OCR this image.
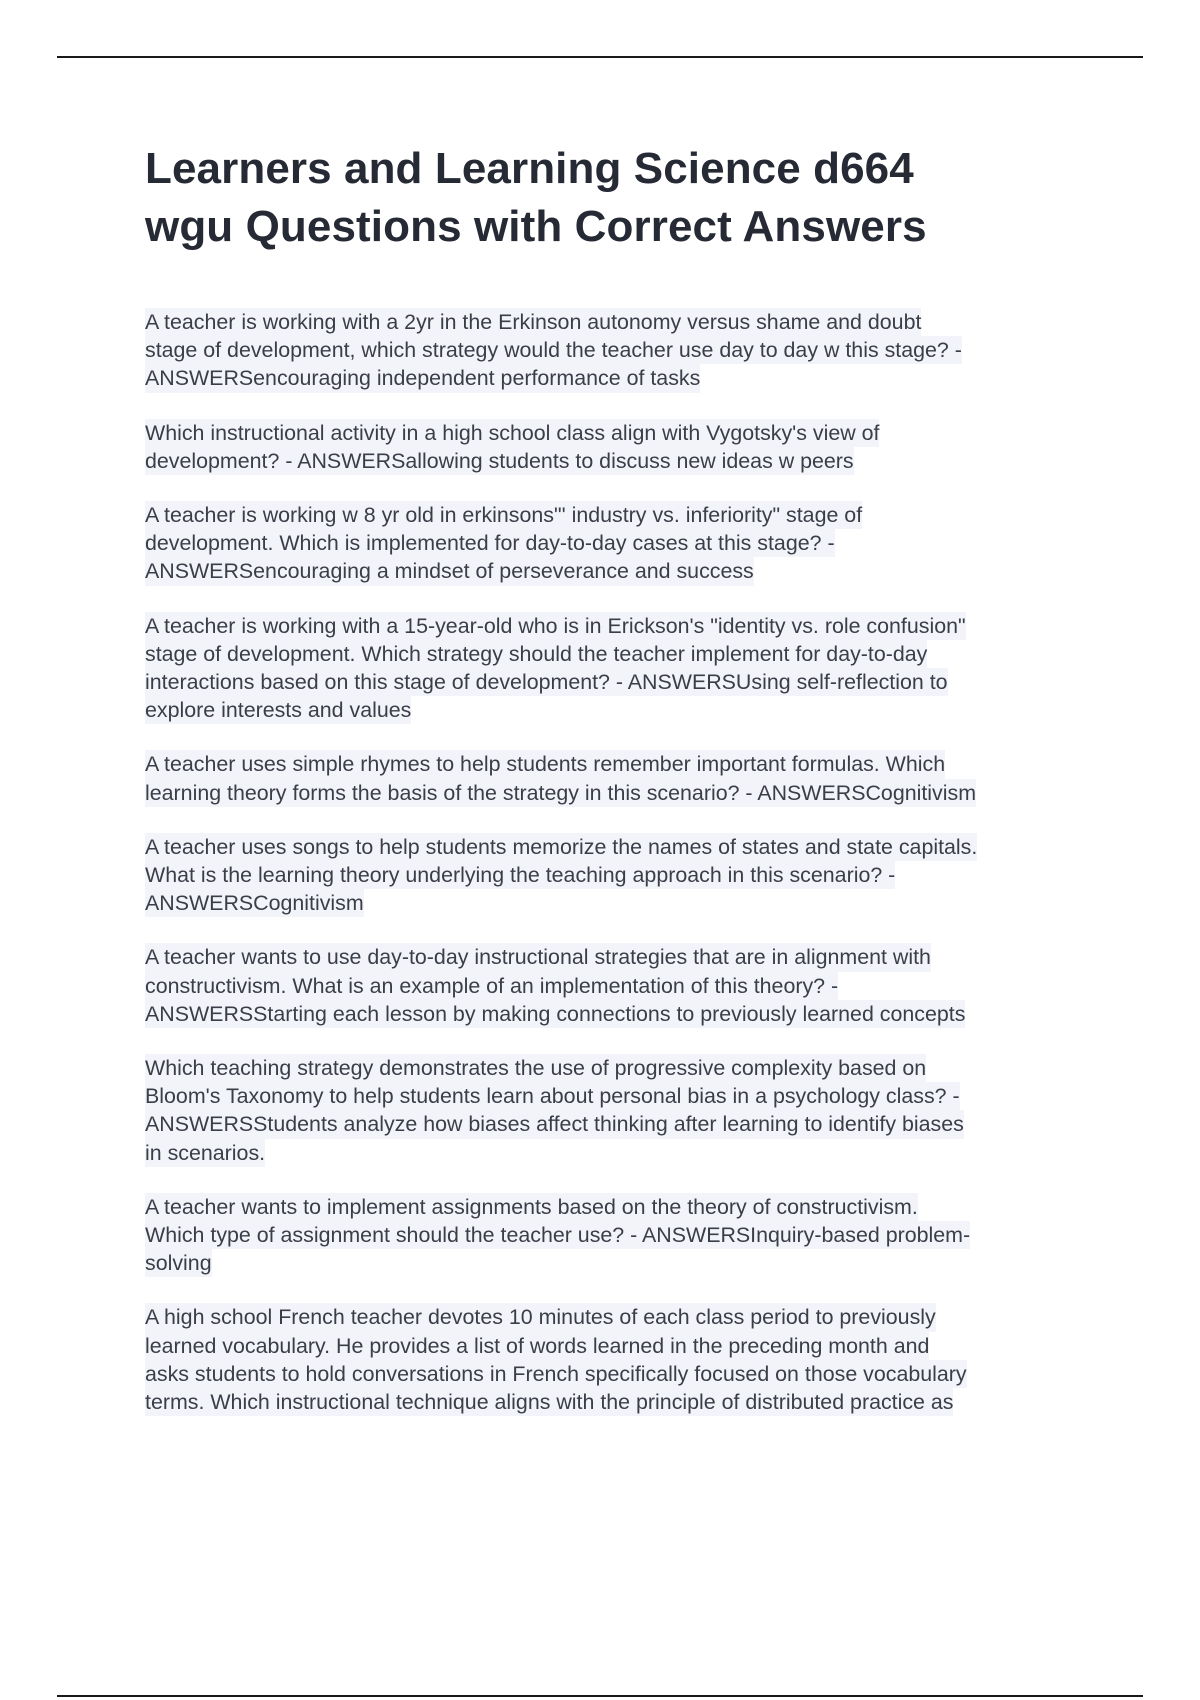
Learners and Learning Science d664
wgu Questions with Correct Answers

A teacher is working with a 2yr in the Erkinson autonomy versus shame and doubt
stage of development, which strategy would the teacher use day to day w this stage? -
ANSWERSencouraging independent performance of tasks

Which instructional activity in a high school class align with Vygotsky's view of
development? - ANSWERSallowing students to discuss new ideas w peers

A teacher is working w 8 yr old in erkinsons"' industry vs. inferiority" stage of
development. Which is implemented for day-to-day cases at this stage? -
ANSWERSencouraging a mindset of perseverance and success

A teacher is working with a 15-year-old who is in Erickson's "identity vs. role confusion"
stage of development. Which strategy should the teacher implement for day-to-day
interactions based on this stage of development? - ANSWERSUsing self-reflection to
explore interests and values

A teacher uses simple rhymes to help students remember important formulas. Which
learning theory forms the basis of the strategy in this scenario? - ANSWERSCognitivism

A teacher uses songs to help students memorize the names of states and state capitals.
What is the learning theory underlying the teaching approach in this scenario? -
ANSWERSCognitivism

A teacher wants to use day-to-day instructional strategies that are in alignment with
constructivism. What is an example of an implementation of this theory? -
ANSWERSStarting each lesson by making connections to previously learned concepts

Which teaching strategy demonstrates the use of progressive complexity based on
Bloom's Taxonomy to help students learn about personal bias in a psychology class? -
ANSWERSStudents analyze how biases affect thinking after learning to identify biases
in scenarios.

A teacher wants to implement assignments based on the theory of constructivism.
Which type of assignment should the teacher use? - ANSWERSInquiry-based problem-
solving

A high school French teacher devotes 10 minutes of each class period to previously
learned vocabulary. He provides a list of words learned in the preceding month and
asks students to hold conversations in French specifically focused on those vocabulary
terms. Which instructional technique aligns with the principle of distributed practice as
